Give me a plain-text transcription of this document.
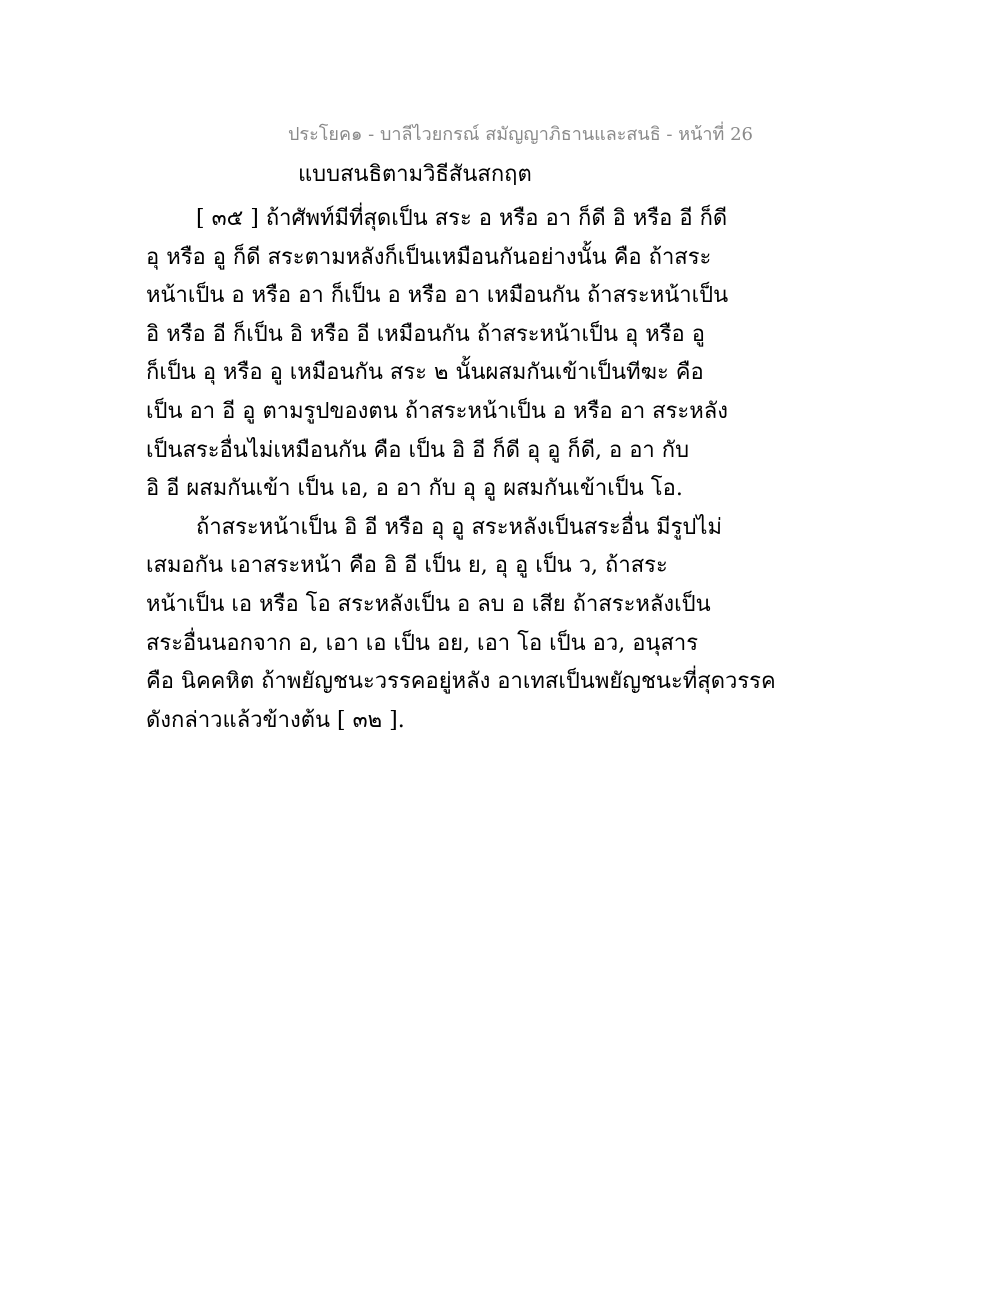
ประโยค๑ - บาลีไวยกรณ์ สมัญญาภิธานและสนธิ - หน้าที่ 26
แบบสนธิตามวิธีสันสกฤต
[ ๓๕ ] ถ้าศัพท์มีที่สุดเป็น สระ อ หรือ อา ก็ดี อิ หรือ อี ก็ดี
อุ หรือ อู ก็ดี สระตามหลังก็เป็นเหมือนกันอย่างนั้น คือ ถ้าสระ
หน้าเป็น อ หรือ อา ก็เป็น อ หรือ อา เหมือนกัน ถ้าสระหน้าเป็น
อิ หรือ อี ก็เป็น อิ หรือ อี เหมือนกัน ถ้าสระหน้าเป็น อุ หรือ อู
ก็เป็น อุ หรือ อู เหมือนกัน สระ ๒ นั้นผสมกันเข้าเป็นทีฆะ คือ
เป็น อา อี อู ตามรูปของตน ถ้าสระหน้าเป็น อ หรือ อา สระหลัง
เป็นสระอื่นไม่เหมือนกัน คือ เป็น อิ อี ก็ดี อุ อู ก็ดี, อ อา กับ
อิ อี ผสมกันเข้า เป็น เอ, อ อา กับ อุ อู ผสมกันเข้าเป็น โอ.
ถ้าสระหน้าเป็น อิ อี หรือ อุ อู สระหลังเป็นสระอื่น มีรูปไม่
เสมอกัน เอาสระหน้า คือ อิ อี เป็น ย, อุ อู เป็น ว, ถ้าสระ
หน้าเป็น เอ หรือ โอ สระหลังเป็น อ ลบ อ เสีย ถ้าสระหลังเป็น
สระอื่นนอกจาก อ, เอา เอ เป็น อย, เอา โอ เป็น อว, อนุสาร
คือ นิคคหิต ถ้าพยัญชนะวรรคอยู่หลัง อาเทสเป็นพยัญชนะที่สุดวรรค
ดังกล่าวแล้วข้างต้น [ ๓๒ ].
